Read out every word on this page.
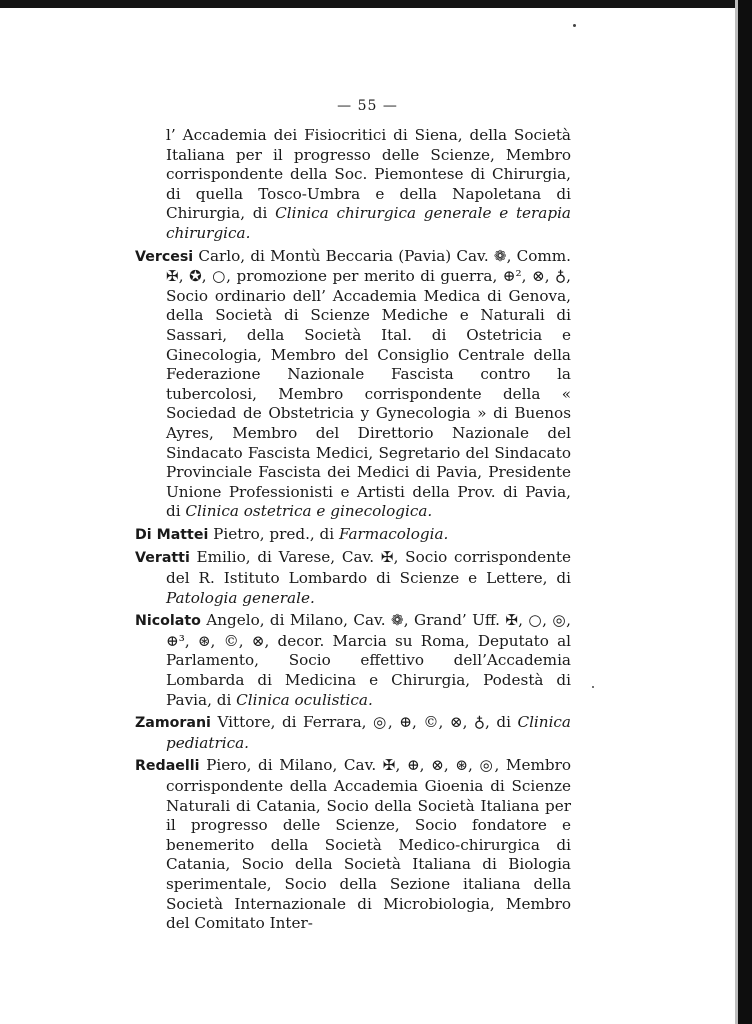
— 55 —

l’ Accademia dei Fisiocritici di Siena, della Società Italiana per il progresso delle Scienze, Membro corrispondente della Soc. Piemontese di Chirurgia, di quella Tosco-Umbra e della Napoletana di Chirurgia, di Clinica chirurgica generale e terapia chirurgica.

Vercesi Carlo, di Montù Beccaria (Pavia) Cav. ❁, Comm. ✠, ✪, ○, promozione per merito di guerra, ⊕², ⊗, ♁, Socio ordinario dell’ Accademia Medica di Genova, della Società di Scienze Mediche e Naturali di Sassari, della Società Ital. di Ostetricia e Ginecologia, Membro del Consiglio Centrale della Federazione Nazionale Fascista contro la tubercolosi, Membro corrispondente della « Sociedad de Obstetricia y Gynecologia » di Buenos Ayres, Membro del Direttorio Nazionale del Sindacato Fascista Medici, Segretario del Sindacato Provinciale Fascista dei Medici di Pavia, Presidente Unione Professionisti e Artisti della Prov. di Pavia, di Clinica ostetrica e ginecologica.

Di Mattei Pietro, pred., di Farmacologia.

Veratti Emilio, di Varese, Cav. ✠, Socio corrispondente del R. Istituto Lombardo di Scienze e Lettere, di Patologia generale.

Nicolato Angelo, di Milano, Cav. ❁, Grand’ Uff. ✠, ○, ◎, ⊕³, ⊛, ©, ⊗, decor. Marcia su Roma, Deputato al Parlamento, Socio effettivo dell’Accademia Lombarda di Medicina e Chirurgia, Podestà di Pavia, di Clinica oculistica.

Zamorani Vittore, di Ferrara, ◎, ⊕, ©, ⊗, ♁, di Clinica pediatrica.

Redaelli Piero, di Milano, Cav. ✠, ⊕, ⊗, ⊛, ◎, Membro corrispondente della Accademia Gioenia di Scienze Naturali di Catania, Socio della Società Italiana per il progresso delle Scienze, Socio fondatore e benemerito della Società Medico-chirurgica di Catania, Socio della Società Italiana di Biologia sperimentale, Socio della Sezione italiana della Società Internazionale di Microbiologia, Membro del Comitato Inter-
